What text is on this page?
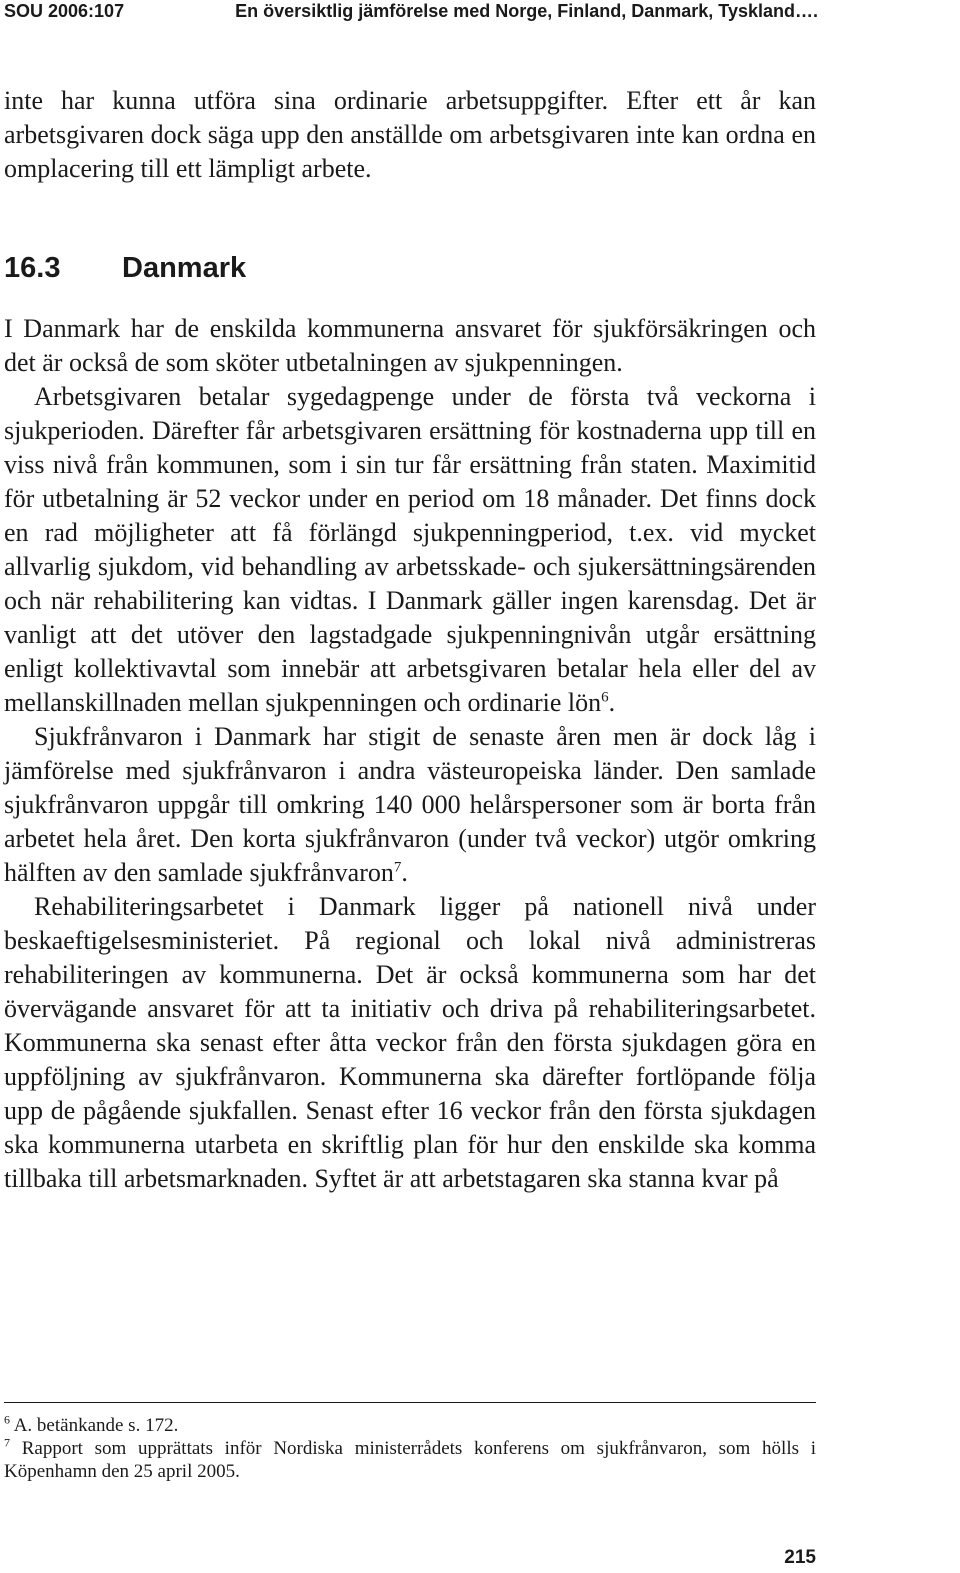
SOU 2006:107	En översiktlig jämförelse med Norge, Finland, Danmark, Tyskland….

inte har kunna utföra sina ordinarie arbetsuppgifter. Efter ett år kan arbetsgivaren dock säga upp den anställde om arbetsgivaren inte kan ordna en omplacering till ett lämpligt arbete.

16.3 Danmark

I Danmark har de enskilda kommunerna ansvaret för sjukförsäkringen och det är också de som sköter utbetalningen av sjukpenningen.

Arbetsgivaren betalar sygedagpenge under de första två veckorna i sjukperioden. Därefter får arbetsgivaren ersättning för kostnaderna upp till en viss nivå från kommunen, som i sin tur får ersättning från staten. Maximitid för utbetalning är 52 veckor under en period om 18 månader. Det finns dock en rad möjligheter att få förlängd sjukpenningperiod, t.ex. vid mycket allvarlig sjukdom, vid behandling av arbetsskade- och sjukersättningsärenden och när rehabilitering kan vidtas. I Danmark gäller ingen karensdag. Det är vanligt att det utöver den lagstadgade sjukpenningnivån utgår ersättning enligt kollektivavtal som innebär att arbetsgivaren betalar hela eller del av mellanskillnaden mellan sjukpenningen och ordinarie lön$^6$.

Sjukfrånvaron i Danmark har stigit de senaste åren men är dock låg i jämförelse med sjukfrånvaron i andra västeuropeiska länder. Den samlade sjukfrånvaron uppgår till omkring 140 000 helårspersoner som är borta från arbetet hela året. Den korta sjukfrånvaron (under två veckor) utgör omkring hälften av den samlade sjukfrånvaron$^7$.

Rehabiliteringsarbetet i Danmark ligger på nationell nivå under beskaeftigelsesministeriet. På regional och lokal nivå administreras rehabiliteringen av kommunerna. Det är också kommunerna som har det övervägande ansvaret för att ta initiativ och driva på rehabiliteringsarbetet. Kommunerna ska senast efter åtta veckor från den första sjukdagen göra en uppföljning av sjukfrånvaron. Kommunerna ska därefter fortlöpande följa upp de pågående sjukfallen. Senast efter 16 veckor från den första sjukdagen ska kommunerna utarbeta en skriftlig plan för hur den enskilde ska komma tillbaka till arbetsmarknaden. Syftet är att arbetstagaren ska stanna kvar på

$^6$ A. betänkande s. 172.

$^7$ Rapport som upprättats inför Nordiska ministerrådets konferens om sjukfrånvaron, som hölls i Köpenhamn den 25 april 2005.

215
